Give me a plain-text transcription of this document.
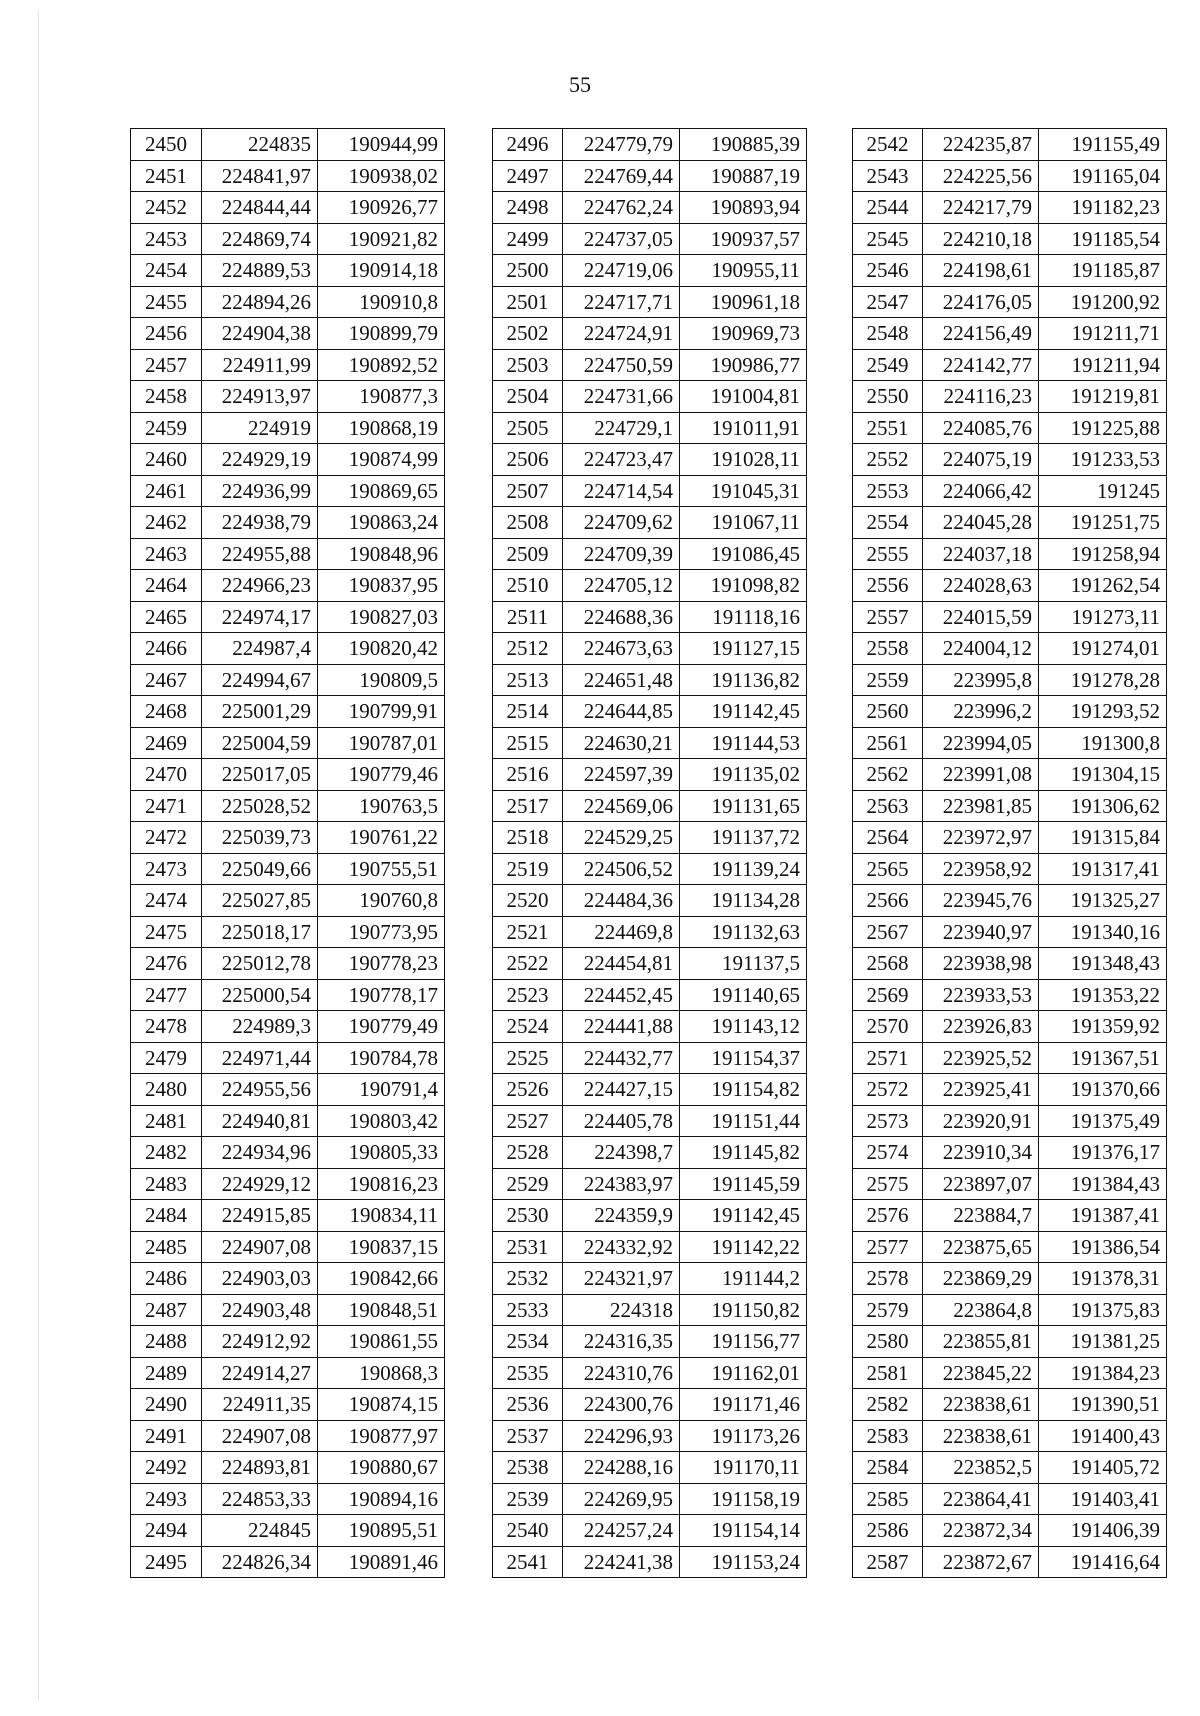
55
2450	224835	190944,99
2451	224841,97	190938,02
2452	224844,44	190926,77
2453	224869,74	190921,82
2454	224889,53	190914,18
2455	224894,26	190910,8
2456	224904,38	190899,79
2457	224911,99	190892,52
2458	224913,97	190877,3
2459	224919	190868,19
2460	224929,19	190874,99
2461	224936,99	190869,65
2462	224938,79	190863,24
2463	224955,88	190848,96
2464	224966,23	190837,95
2465	224974,17	190827,03
2466	224987,4	190820,42
2467	224994,67	190809,5
2468	225001,29	190799,91
2469	225004,59	190787,01
2470	225017,05	190779,46
2471	225028,52	190763,5
2472	225039,73	190761,22
2473	225049,66	190755,51
2474	225027,85	190760,8
2475	225018,17	190773,95
2476	225012,78	190778,23
2477	225000,54	190778,17
2478	224989,3	190779,49
2479	224971,44	190784,78
2480	224955,56	190791,4
2481	224940,81	190803,42
2482	224934,96	190805,33
2483	224929,12	190816,23
2484	224915,85	190834,11
2485	224907,08	190837,15
2486	224903,03	190842,66
2487	224903,48	190848,51
2488	224912,92	190861,55
2489	224914,27	190868,3
2490	224911,35	190874,15
2491	224907,08	190877,97
2492	224893,81	190880,67
2493	224853,33	190894,16
2494	224845	190895,51
2495	224826,34	190891,46
2496	224779,79	190885,39
2497	224769,44	190887,19
2498	224762,24	190893,94
2499	224737,05	190937,57
2500	224719,06	190955,11
2501	224717,71	190961,18
2502	224724,91	190969,73
2503	224750,59	190986,77
2504	224731,66	191004,81
2505	224729,1	191011,91
2506	224723,47	191028,11
2507	224714,54	191045,31
2508	224709,62	191067,11
2509	224709,39	191086,45
2510	224705,12	191098,82
2511	224688,36	191118,16
2512	224673,63	191127,15
2513	224651,48	191136,82
2514	224644,85	191142,45
2515	224630,21	191144,53
2516	224597,39	191135,02
2517	224569,06	191131,65
2518	224529,25	191137,72
2519	224506,52	191139,24
2520	224484,36	191134,28
2521	224469,8	191132,63
2522	224454,81	191137,5
2523	224452,45	191140,65
2524	224441,88	191143,12
2525	224432,77	191154,37
2526	224427,15	191154,82
2527	224405,78	191151,44
2528	224398,7	191145,82
2529	224383,97	191145,59
2530	224359,9	191142,45
2531	224332,92	191142,22
2532	224321,97	191144,2
2533	224318	191150,82
2534	224316,35	191156,77
2535	224310,76	191162,01
2536	224300,76	191171,46
2537	224296,93	191173,26
2538	224288,16	191170,11
2539	224269,95	191158,19
2540	224257,24	191154,14
2541	224241,38	191153,24
2542	224235,87	191155,49
2543	224225,56	191165,04
2544	224217,79	191182,23
2545	224210,18	191185,54
2546	224198,61	191185,87
2547	224176,05	191200,92
2548	224156,49	191211,71
2549	224142,77	191211,94
2550	224116,23	191219,81
2551	224085,76	191225,88
2552	224075,19	191233,53
2553	224066,42	191245
2554	224045,28	191251,75
2555	224037,18	191258,94
2556	224028,63	191262,54
2557	224015,59	191273,11
2558	224004,12	191274,01
2559	223995,8	191278,28
2560	223996,2	191293,52
2561	223994,05	191300,8
2562	223991,08	191304,15
2563	223981,85	191306,62
2564	223972,97	191315,84
2565	223958,92	191317,41
2566	223945,76	191325,27
2567	223940,97	191340,16
2568	223938,98	191348,43
2569	223933,53	191353,22
2570	223926,83	191359,92
2571	223925,52	191367,51
2572	223925,41	191370,66
2573	223920,91	191375,49
2574	223910,34	191376,17
2575	223897,07	191384,43
2576	223884,7	191387,41
2577	223875,65	191386,54
2578	223869,29	191378,31
2579	223864,8	191375,83
2580	223855,81	191381,25
2581	223845,22	191384,23
2582	223838,61	191390,51
2583	223838,61	191400,43
2584	223852,5	191405,72
2585	223864,41	191403,41
2586	223872,34	191406,39
2587	223872,67	191416,64
